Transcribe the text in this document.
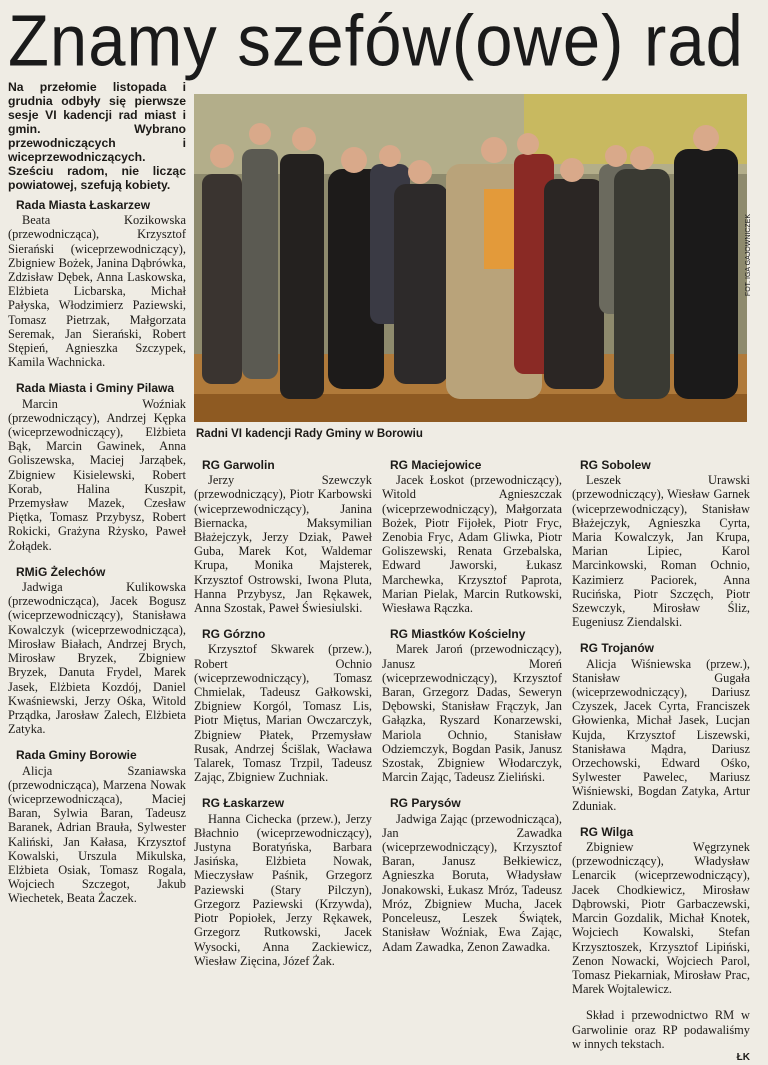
Znamy szefów(owe) rad
Na przełomie listopada i grudnia odbyły się pierwsze sesje VI kadencji rad miast i gmin. Wybrano przewodniczących i wiceprzewodniczących. Sześciu radom, nie licząc powiatowej, szefują kobiety.
FOT. IGA GAJOWNICZEK
Radni VI kadencji Rady Gminy w Borowiu
Rada Miasta Łaskarzew

Beata Kozikowska (przewodnicząca), Krzysztof Sierański (wiceprzewodniczący), Zbigniew Bożek, Janina Dąbrówka, Zdzisław Dębek, Anna Laskowska, Elżbieta Licbarska, Michał Pałyska, Włodzimierz Paziewski, Tomasz Pietrzak, Małgorzata Seremak, Jan Sierański, Robert Stępień, Agnieszka Szczypek, Kamila Wachnicka.

Rada Miasta i Gminy Pilawa

Marcin Woźniak (przewodniczący), Andrzej Kępka (wiceprzewodniczący), Elżbieta Bąk, Marcin Gawinek, Anna Goliszewska, Maciej Jarząbek, Zbigniew Kisielewski, Robert Korab, Halina Kuszpit, Przemysław Mazek, Czesław Piętka, Tomasz Przybysz, Robert Rokicki, Grażyna Rżysko, Paweł Żołądek.

RMiG Żelechów

Jadwiga Kulikowska (przewodnicząca), Jacek Bogusz (wiceprzewodniczący), Stanisława Kowalczyk (wiceprzewodnicząca), Mirosław Białach, Andrzej Brych, Mirosław Bryzek, Zbigniew Bryzek, Danuta Frydel, Marek Jasek, Elżbieta Kozdój, Daniel Kwaśniewski, Jerzy Ośka, Witold Prządka, Jarosław Zalech, Elżbieta Zatyka.

Rada Gminy Borowie

Alicja Szaniawska (przewodnicząca), Marzena Nowak (wiceprzewodnicząca), Maciej Baran, Sylwia Baran, Tadeusz Baranek, Adrian Brauła, Sylwester Kaliński, Jan Kałasa, Krzysztof Kowalski, Urszula Mikulska, Elżbieta Osiak, Tomasz Rogala, Wojciech Szczegot, Jakub Wiechetek, Beata Żaczek.

RG Garwolin

Jerzy Szewczyk (przewodniczący), Piotr Karbowski (wiceprzewodniczący), Janina Biernacka, Maksymilian Błażejczyk, Jerzy Dziak, Paweł Guba, Marek Kot, Waldemar Krupa, Monika Majsterek, Krzysztof Ostrowski, Iwona Pluta, Hanna Przybysz, Jan Rękawek, Anna Szostak, Paweł Świesiulski.

RG Górzno

Krzysztof Skwarek (przew.), Robert Ochnio (wiceprzewodniczący), Tomasz Chmielak, Tadeusz Gałkowski, Zbigniew Korgól, Tomasz Lis, Piotr Miętus, Marian Owczarczyk, Zbigniew Płatek, Przemysław Rusak, Andrzej Ścišlak, Wacława Talarek, Tomasz Trzpil, Tadeusz Zając, Zbigniew Zuchniak.

RG Łaskarzew

Hanna Cichecka (przew.), Jerzy Błachnio (wiceprzewodniczący), Justyna Boratyńska, Barbara Jasińska, Elżbieta Nowak, Mieczysław Paśnik, Grzegorz Paziewski (Stary Pilczyn), Grzegorz Paziewski (Krzywda), Piotr Popiołek, Jerzy Rękawek, Grzegorz Rutkowski, Jacek Wysocki, Anna Zackiewicz, Wiesław Zięcina, Józef Żak.

RG Maciejowice

Jacek Łoskot (przewodniczący), Witold Agnieszczak (wiceprzewodniczący), Małgorzata Bożek, Piotr Fijołek, Piotr Fryc, Zenobia Fryc, Adam Gliwka, Piotr Goliszewski, Renata Grzebalska, Edward Jaworski, Łukasz Marchewka, Krzysztof Paprota, Marian Pielak, Marcin Rutkowski, Wiesława Rączka.

RG Miastków Kościelny

Marek Jaroń (przewodniczący), Janusz Moreń (wiceprzewodniczący), Krzysztof Baran, Grzegorz Dadas, Seweryn Dębowski, Stanisław Frączyk, Jan Gałązka, Ryszard Konarzewski, Mariola Ochnio, Stanisław Odziemczyk, Bogdan Pasik, Janusz Szostak, Zbigniew Włodarczyk, Marcin Zając, Tadeusz Zieliński.

RG Parysów

Jadwiga Zając (przewodnicząca), Jan Zawadka (wiceprzewodniczący), Krzysztof Baran, Janusz Bełkiewicz, Agnieszka Boruta, Władysław Jonakowski, Łukasz Mróz, Tadeusz Mróz, Zbigniew Mucha, Jacek Ponceleusz, Leszek Świątek, Stanisław Woźniak, Ewa Zając, Adam Zawadka, Zenon Zawadka.

RG Sobolew

Leszek Urawski (przewodniczący), Wiesław Garnek (wiceprzewodniczący), Stanisław Błażejczyk, Agnieszka Cyrta, Maria Kowalczyk, Jan Krupa, Marian Lipiec, Karol Marcinkowski, Roman Ochnio, Kazimierz Paciorek, Anna Rucińska, Piotr Szczęch, Piotr Szewczyk, Mirosław Śliz, Eugeniusz Ziendalski.

RG Trojanów

Alicja Wiśniewska (przew.), Stanisław Gugała (wiceprzewodniczący), Dariusz Czyszek, Jacek Cyrta, Franciszek Głowienka, Michał Jasek, Lucjan Kujda, Krzysztof Liszewski, Stanisława Mądra, Dariusz Orzechowski, Edward Ośko, Sylwester Pawelec, Mariusz Wiśniewski, Bogdan Zatyka, Artur Zduniak.

RG Wilga

Zbigniew Węgrzynek (przewodniczący), Władysław Lenarcik (wiceprzewodniczący), Jacek Chodkiewicz, Mirosław Dąbrowski, Piotr Garbaczewski, Marcin Gozdalik, Michał Knotek, Wojciech Kowalski, Stefan Krzysztoszek, Krzysztof Lipiński, Zenon Nowacki, Wojciech Parol, Tomasz Piekarniak, Mirosław Prac, Marek Wojtalewicz.

Skład i przewodnictwo RM w Garwolinie oraz RP podawaliśmy w innych tekstach.
ŁK
